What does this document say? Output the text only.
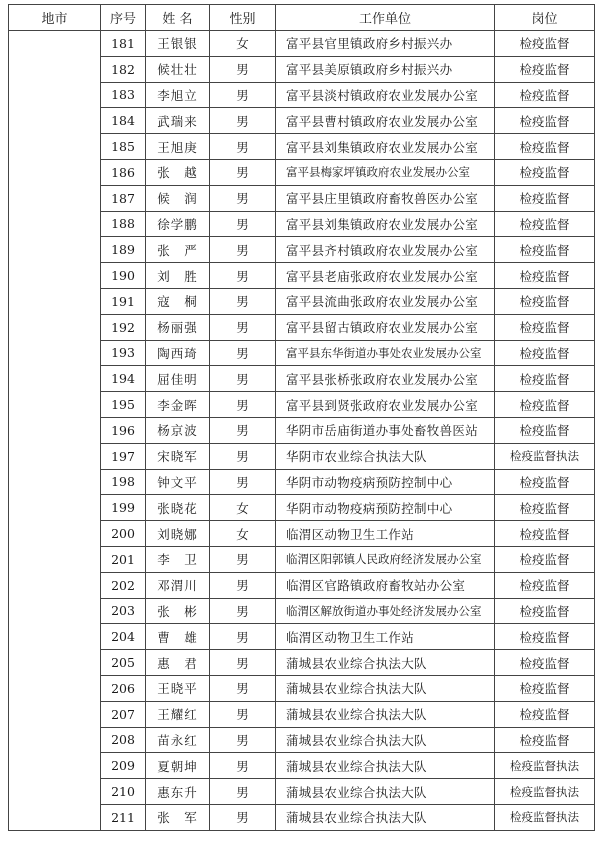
地市	序号	姓 名	性别	工作单位	岗位
	181	王银银	女	富平县官里镇政府乡村振兴办	检疫监督
	182	候壮壮	男	富平县美原镇政府乡村振兴办	检疫监督
	183	李旭立	男	富平县淡村镇政府农业发展办公室	检疫监督
	184	武瑞来	男	富平县曹村镇政府农业发展办公室	检疫监督
	185	王旭庚	男	富平县刘集镇政府农业发展办公室	检疫监督
	186	张　越	男	富平县梅家坪镇政府农业发展办公室	检疫监督
	187	候　润	男	富平县庄里镇政府畜牧兽医办公室	检疫监督
	188	徐学鹏	男	富平县刘集镇政府农业发展办公室	检疫监督
	189	张　严	男	富平县齐村镇政府农业发展办公室	检疫监督
	190	刘　胜	男	富平县老庙张政府农业发展办公室	检疫监督
	191	寇　桐	男	富平县流曲张政府农业发展办公室	检疫监督
	192	杨丽强	男	富平县留古镇政府农业发展办公室	检疫监督
	193	陶西琦	男	富平县东华街道办事处农业发展办公室	检疫监督
	194	屈佳明	男	富平县张桥张政府农业发展办公室	检疫监督
	195	李金晖	男	富平县到贤张政府农业发展办公室	检疫监督
	196	杨京波	男	华阴市岳庙街道办事处畜牧兽医站	检疫监督
	197	宋晓军	男	华阴市农业综合执法大队	检疫监督执法
	198	钟文平	男	华阴市动物疫病预防控制中心	检疫监督
	199	张晓花	女	华阴市动物疫病预防控制中心	检疫监督
	200	刘晓娜	女	临渭区动物卫生工作站	检疫监督
	201	李　卫	男	临渭区阳郭镇人民政府经济发展办公室	检疫监督
	202	邓渭川	男	临渭区官路镇政府畜牧站办公室	检疫监督
	203	张　彬	男	临渭区解放街道办事处经济发展办公室	检疫监督
	204	曹　雄	男	临渭区动物卫生工作站	检疫监督
	205	惠　君	男	蒲城县农业综合执法大队	检疫监督
	206	王晓平	男	蒲城县农业综合执法大队	检疫监督
	207	王耀红	男	蒲城县农业综合执法大队	检疫监督
	208	苗永红	男	蒲城县农业综合执法大队	检疫监督
	209	夏朝坤	男	蒲城县农业综合执法大队	检疫监督执法
	210	惠东升	男	蒲城县农业综合执法大队	检疫监督执法
	211	张　军	男	蒲城县农业综合执法大队	检疫监督执法
